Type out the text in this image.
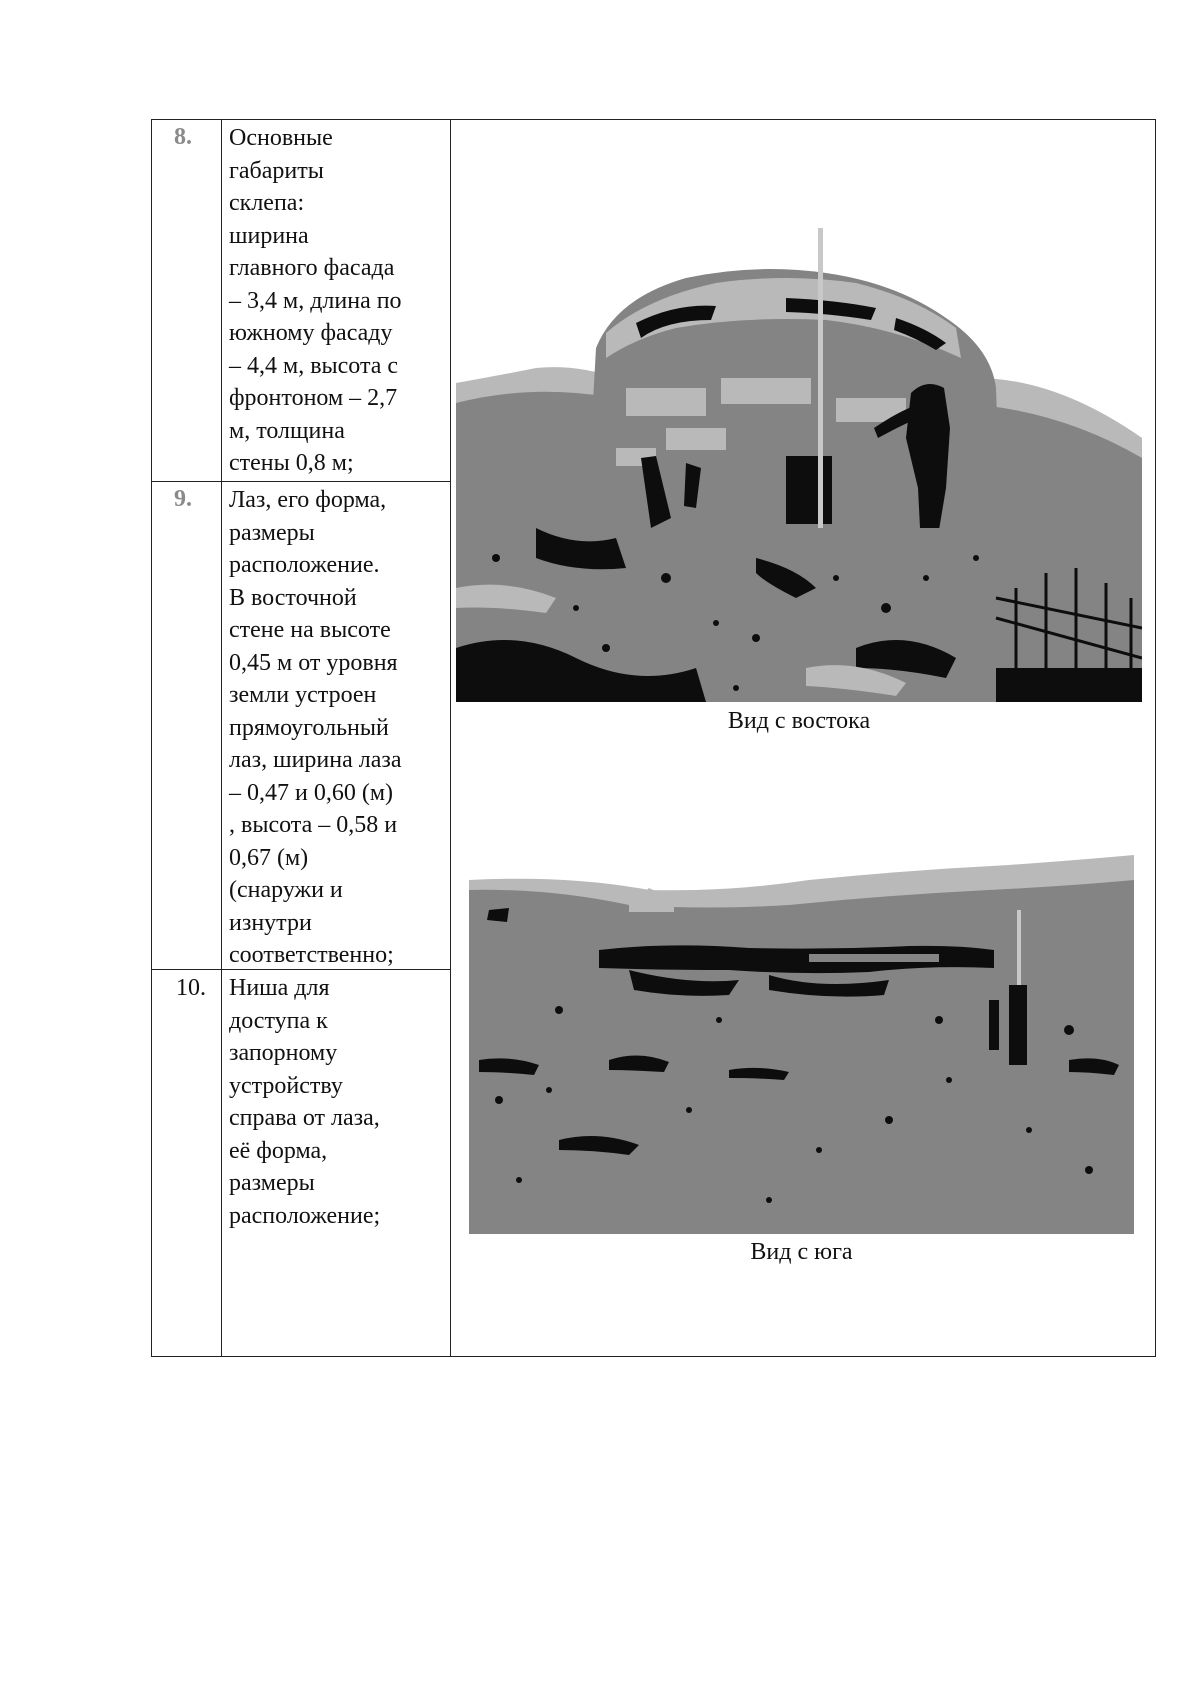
8. Основные
габариты
склепа:
ширина
главного фасада
– 3,4 м, длина по
южному фасаду
– 4,4 м, высота с
фронтоном – 2,7
м, толщина
стены 0,8 м;
9. Лаз, его форма,
размеры
расположение.
В восточной
стене на высоте
0,45 м от уровня
земли устроен
прямоугольный
лаз, ширина лаза
– 0,47 и 0,60 (м)
, высота – 0,58 и
0,67 (м)
(снаружи и
изнутри
соответственно;
10. Ниша для
доступа к
запорному
устройству
справа от лаза,
её форма,
размеры
расположение;
Вид с востока
Вид с юга
